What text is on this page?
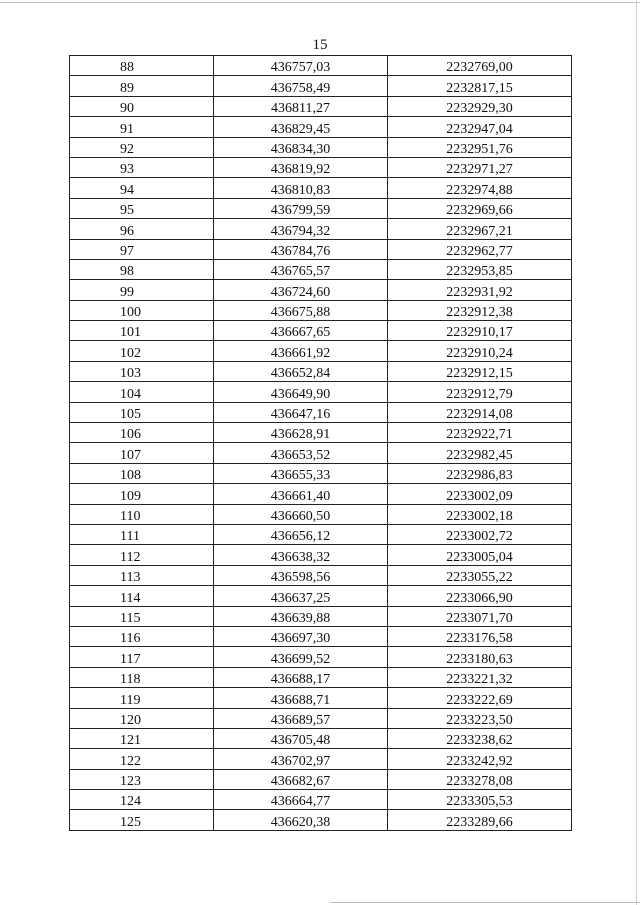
15
88	436757,03	2232769,00
89	436758,49	2232817,15
90	436811,27	2232929,30
91	436829,45	2232947,04
92	436834,30	2232951,76
93	436819,92	2232971,27
94	436810,83	2232974,88
95	436799,59	2232969,66
96	436794,32	2232967,21
97	436784,76	2232962,77
98	436765,57	2232953,85
99	436724,60	2232931,92
100	436675,88	2232912,38
101	436667,65	2232910,17
102	436661,92	2232910,24
103	436652,84	2232912,15
104	436649,90	2232912,79
105	436647,16	2232914,08
106	436628,91	2232922,71
107	436653,52	2232982,45
108	436655,33	2232986,83
109	436661,40	2233002,09
110	436660,50	2233002,18
111	436656,12	2233002,72
112	436638,32	2233005,04
113	436598,56	2233055,22
114	436637,25	2233066,90
115	436639,88	2233071,70
116	436697,30	2233176,58
117	436699,52	2233180,63
118	436688,17	2233221,32
119	436688,71	2233222,69
120	436689,57	2233223,50
121	436705,48	2233238,62
122	436702,97	2233242,92
123	436682,67	2233278,08
124	436664,77	2233305,53
125	436620,38	2233289,66
